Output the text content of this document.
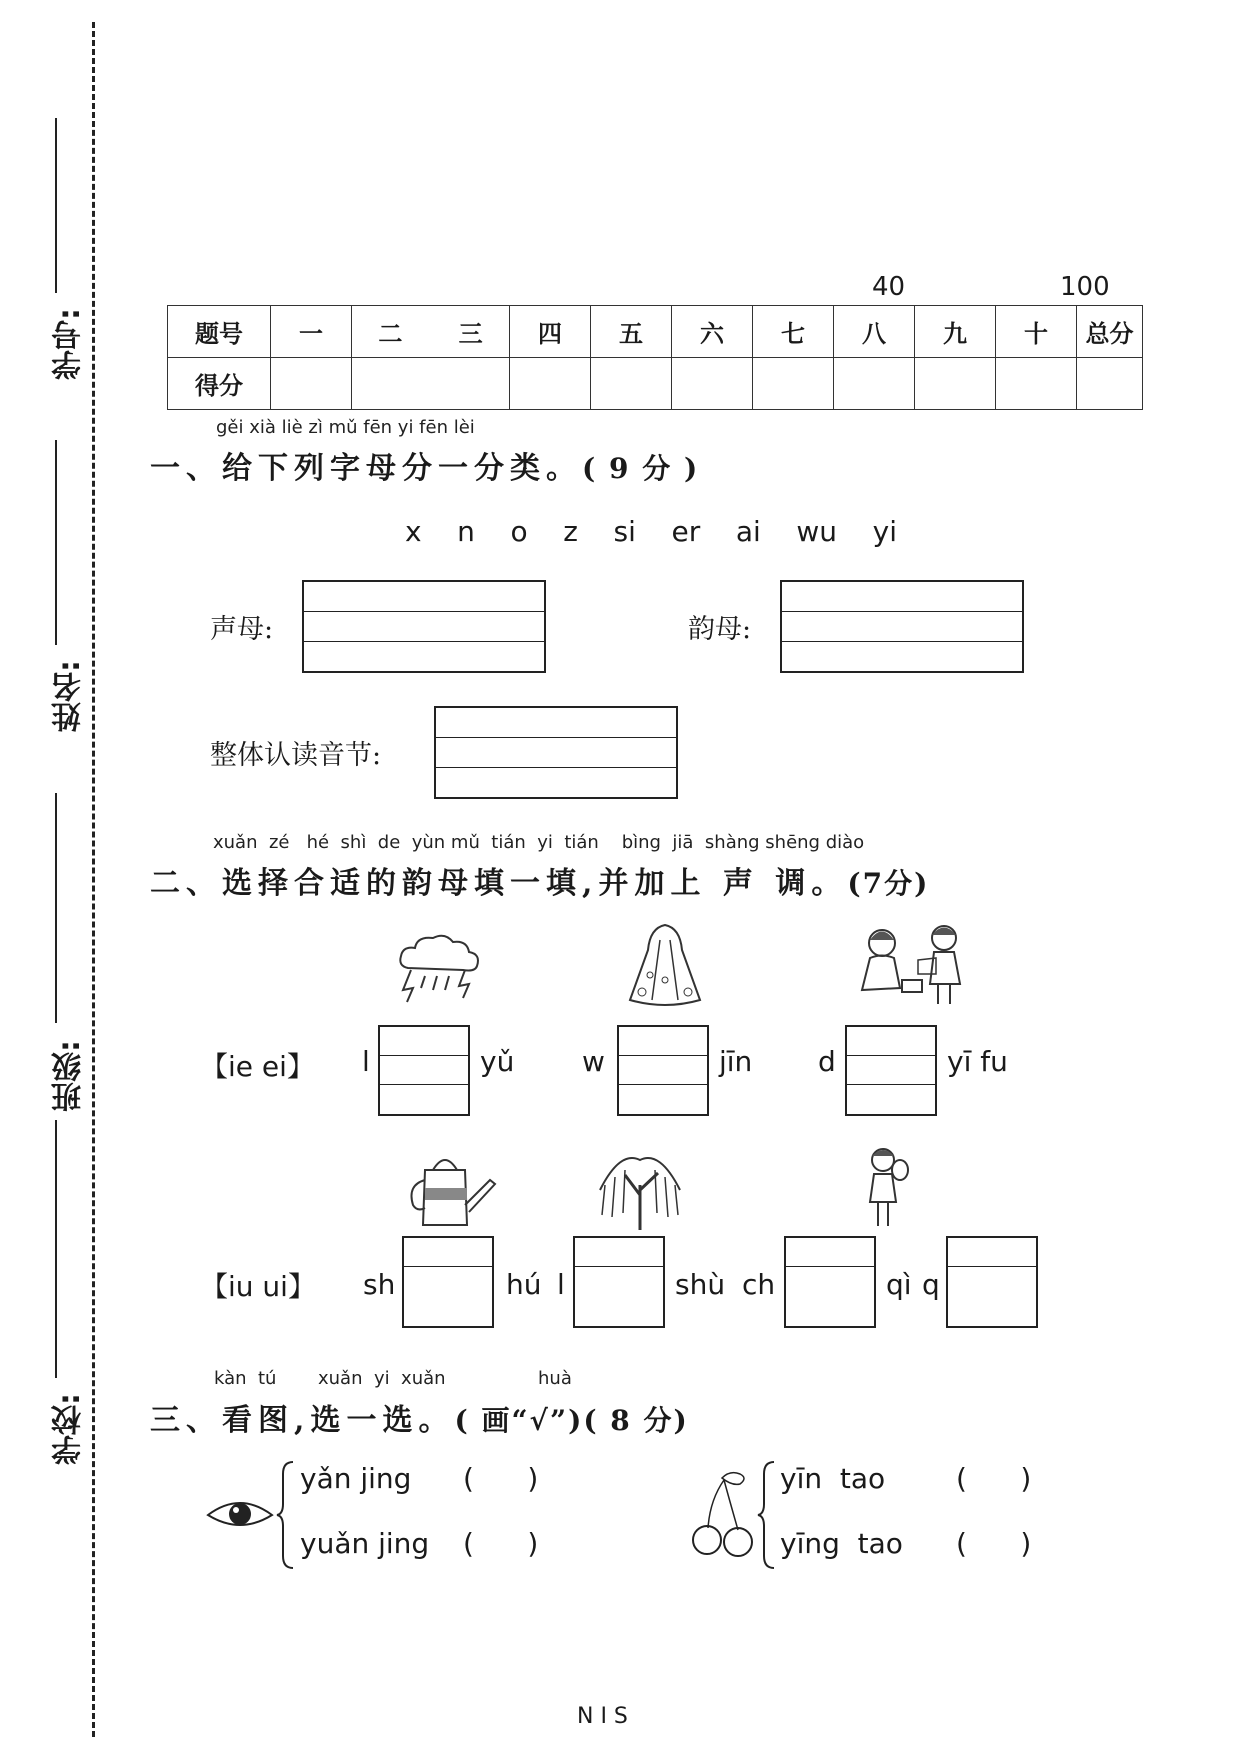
学号:
姓名:
班级:
学校:
40	100
题号	一	二 三	四	五	六	七	八	九	十	总分
得分										
gěi xià liè zì mǔ fēn yi fēn lèi
一、给下列字母分一分类。( 9 分 )
x    n    o    z    si    er    ai    wu    yi
声母:	韵母:
整体认读音节:
xuǎn  zé   hé  shì  de  yùn mǔ  tián  yi  tián    bìng  jiā  shàng shēng diào
二、选择合适的韵母填一填,并加上 声 调。(7分)
【ie ei】 l	yǔ w	jīn d	yī fu
【iu ui】 sh	hú l	shù ch	qì q
kàn  tú xuǎn  yi  xuǎn	huà
三、看图,选一选。( 画“√”)( 8 分)
yǎn jing (      )
yuǎn jing (      )
yīn  tao	(      )
yīng  tao (      )
N I S
